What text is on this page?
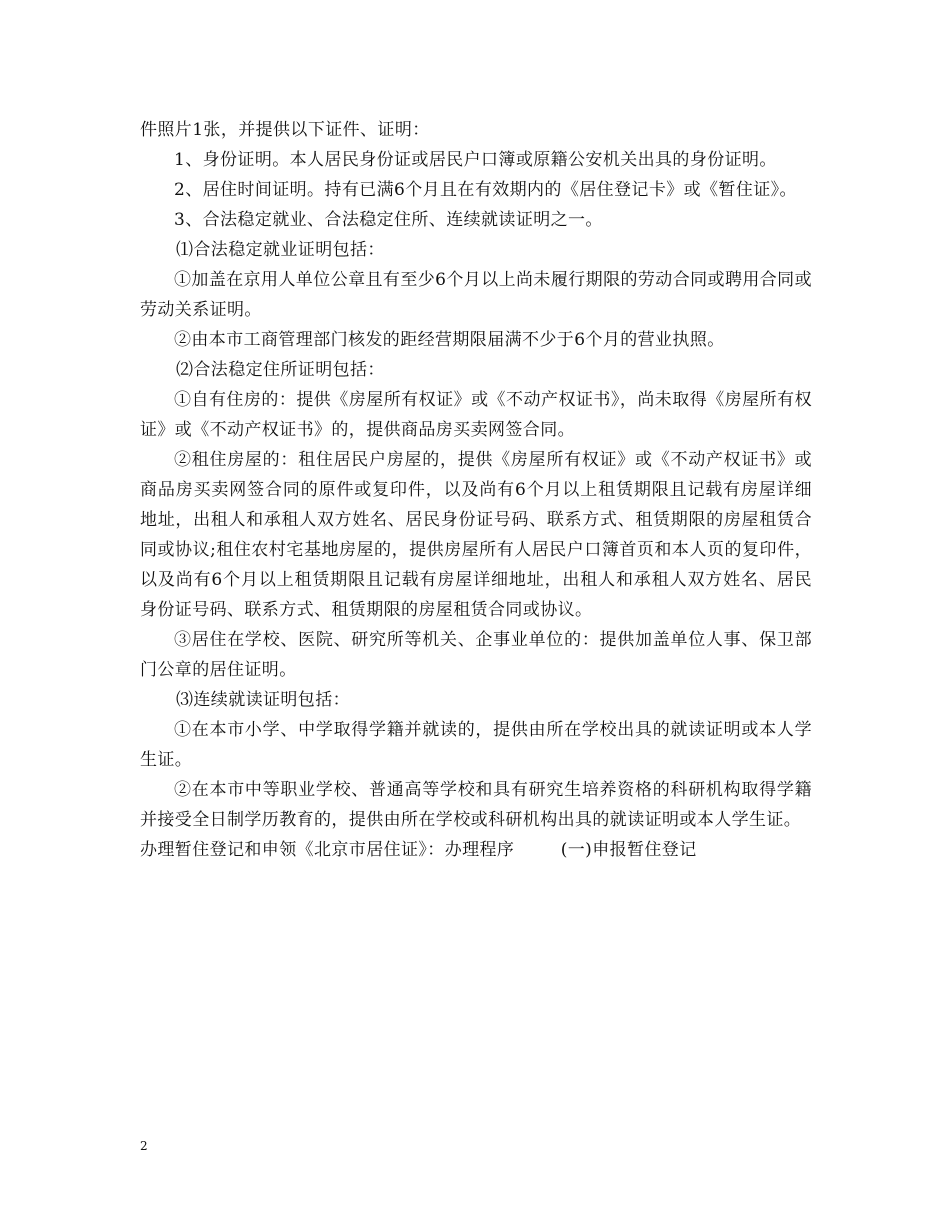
件照片1张，并提供以下证件、证明：

1、身份证明。本人居民身份证或居民户口簿或原籍公安机关出具的身份证明。

2、居住时间证明。持有已满6个月且在有效期内的《居住登记卡》或《暂住证》。

3、合法稳定就业、合法稳定住所、连续就读证明之一。

⑴合法稳定就业证明包括：

①加盖在京用人单位公章且有至少6个月以上尚未履行期限的劳动合同或聘用合同或劳动关系证明。

②由本市工商管理部门核发的距经营期限届满不少于6个月的营业执照。

⑵合法稳定住所证明包括：

①自有住房的：提供《房屋所有权证》或《不动产权证书》，尚未取得《房屋所有权证》或《不动产权证书》的，提供商品房买卖网签合同。

②租住房屋的：租住居民户房屋的，提供《房屋所有权证》或《不动产权证书》或商品房买卖网签合同的原件或复印件，以及尚有6个月以上租赁期限且记载有房屋详细地址，出租人和承租人双方姓名、居民身份证号码、联系方式、租赁期限的房屋租赁合同或协议;租住农村宅基地房屋的，提供房屋所有人居民户口簿首页和本人页的复印件，以及尚有6个月以上租赁期限且记载有房屋详细地址，出租人和承租人双方姓名、居民身份证号码、联系方式、租赁期限的房屋租赁合同或协议。

③居住在学校、医院、研究所等机关、企事业单位的：提供加盖单位人事、保卫部门公章的居住证明。

⑶连续就读证明包括：

①在本市小学、中学取得学籍并就读的，提供由所在学校出具的就读证明或本人学生证。

②在本市中等职业学校、普通高等学校和具有研究生培养资格的科研机构取得学籍并接受全日制学历教育的，提供由所在学校或科研机构出具的就读证明或本人学生证。

办理暂住登记和申领《北京市居住证》：办理程序        (一)申报暂住登记

2
